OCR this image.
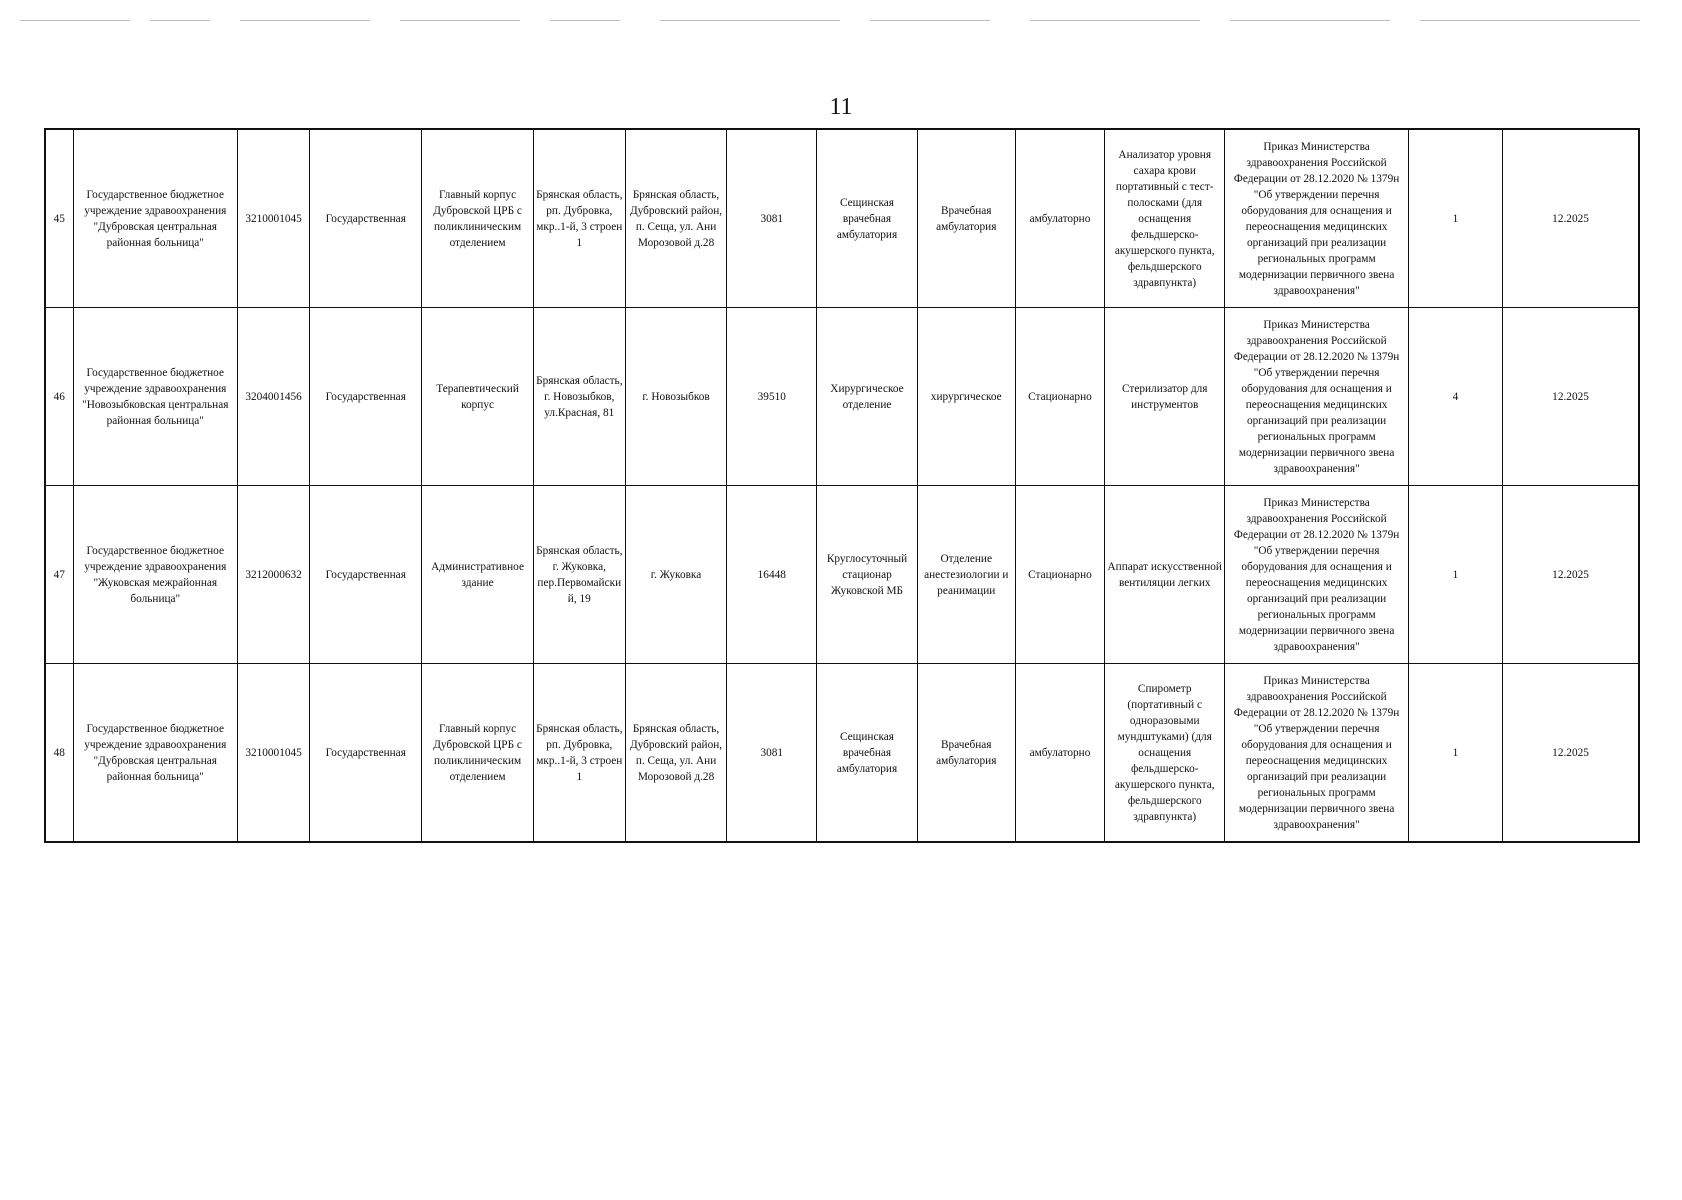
11
45	Государственное бюджетное учреждение здравоохранения "Дубровская центральная районная больница"	3210001045	Государственная	Главный корпус Дубровской ЦРБ с поликлиническим отделением	Брянская область, рп. Дубровка, мкр..1-й, 3 строен 1	Брянская область, Дубровский район, п. Сеща, ул. Ани Морозовой д.28	3081	Сещинская врачебная амбулатория	Врачебная амбулатория	амбулаторно	Анализатор уровня сахара крови портативный с тест-полосками (для оснащения фельдшерско-акушерского пункта, фельдшерского здравпункта)	Приказ Министерства здравоохранения Российской Федерации от 28.12.2020 № 1379н "Об утверждении перечня оборудования для оснащения и переоснащения медицинских организаций при реализации региональных программ модернизации первичного звена здравоохранения"	1	12.2025
46	Государственное бюджетное учреждение здравоохранения "Новозыбковская центральная районная больница"	3204001456	Государственная	Терапевтический корпус	Брянская область, г. Новозыбков, ул.Красная, 81	г. Новозыбков	39510	Хирургическое отделение	хирургическое	Стационарно	Стерилизатор для инструментов	Приказ Министерства здравоохранения Российской Федерации от 28.12.2020 № 1379н "Об утверждении перечня оборудования для оснащения и переоснащения медицинских организаций при реализации региональных программ модернизации первичного звена здравоохранения"	4	12.2025
47	Государственное бюджетное учреждение здравоохранения "Жуковская межрайонная больница"	3212000632	Государственная	Административное здание	Брянская область, г. Жуковка, пер.Первомайский, 19	г. Жуковка	16448	Круглосуточный стационар Жуковской МБ	Отделение анестезиологии и реанимации	Стационарно	Аппарат искусственной вентиляции легких	Приказ Министерства здравоохранения Российской Федерации от 28.12.2020 № 1379н "Об утверждении перечня оборудования для оснащения и переоснащения медицинских организаций при реализации региональных программ модернизации первичного звена здравоохранения"	1	12.2025
48	Государственное бюджетное учреждение здравоохранения "Дубровская центральная районная больница"	3210001045	Государственная	Главный корпус Дубровской ЦРБ с поликлиническим отделением	Брянская область, рп. Дубровка, мкр..1-й, 3 строен 1	Брянская область, Дубровский район, п. Сеща, ул. Ани Морозовой д.28	3081	Сещинская врачебная амбулатория	Врачебная амбулатория	амбулаторно	Спирометр (портативный с одноразовыми мундштуками) (для оснащения фельдшерско-акушерского пункта, фельдшерского здравпункта)	Приказ Министерства здравоохранения Российской Федерации от 28.12.2020 № 1379н "Об утверждении перечня оборудования для оснащения и переоснащения медицинских организаций при реализации региональных программ модернизации первичного звена здравоохранения"	1	12.2025
